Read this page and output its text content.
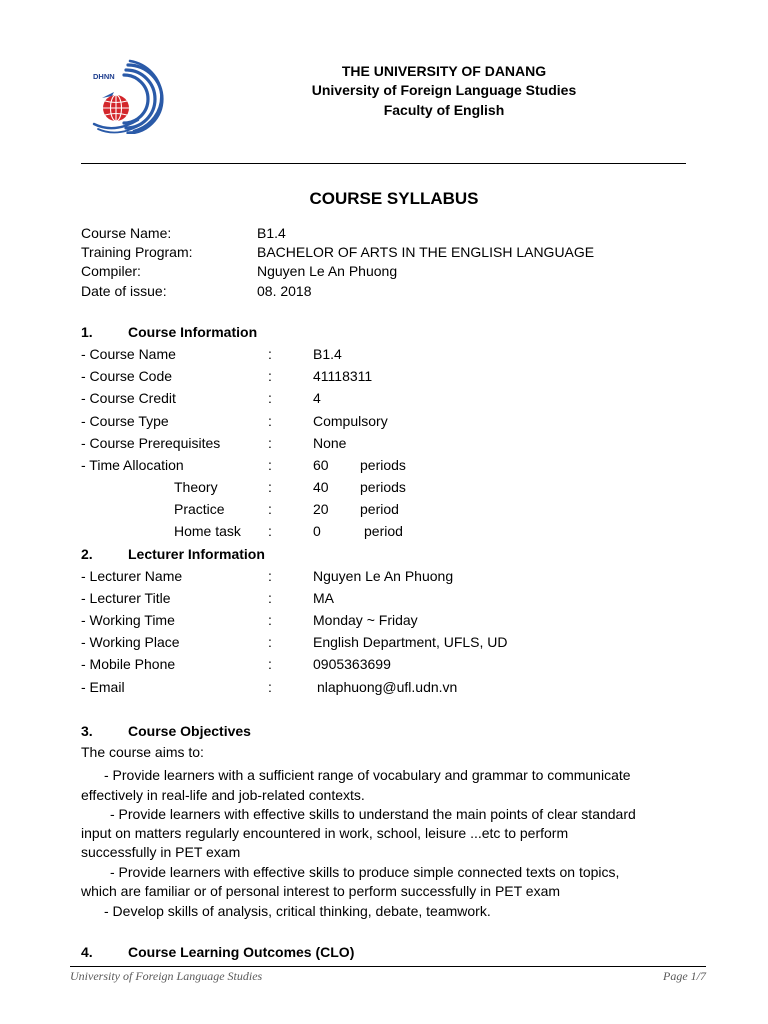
DHNN	THE UNIVERSITY OF DANANG
University of Foreign Language Studies
Faculty of English
COURSE SYLLABUS
Course Name:	B1.4
Training Program:	BACHELOR OF ARTS IN THE ENGLISH LANGUAGE
Compiler:	Nguyen Le An Phuong
Date of issue:	08. 2018
1.	Course Information
- Course Name	:	B1.4
- Course Code	:	41118311
- Course Credit	:	4
- Course Type	:	Compulsory
- Course Prerequisites	:	None
- Time Allocation	:	60 periods
Theory	:	40 periods
Practice	:	20 period
Home task :	0	period
2.	Lecturer Information
- Lecturer Name	:	Nguyen Le An Phuong
- Lecturer Title	:	MA
- Working Time	:	Monday ~ Friday
- Working Place	:	English Department, UFLS, UD
- Mobile Phone	:	0905363699
- Email	:	nlaphuong@ufl.udn.vn
3.	Course Objectives
The course aims to:
- Provide learners with a sufficient range of vocabulary and grammar to communicate
effectively in real-life and job-related contexts.
- Provide learners with effective skills to understand the main points of clear standard
input on matters regularly encountered in work, school, leisure ...etc to perform
successfully in PET exam
- Provide learners with effective skills to produce simple connected texts on topics,
which are familiar or of personal interest to perform successfully in PET exam
- Develop skills of analysis, critical thinking, debate, teamwork.
4.	Course Learning Outcomes (CLO)
University of Foreign Language Studies	Page 1/7
